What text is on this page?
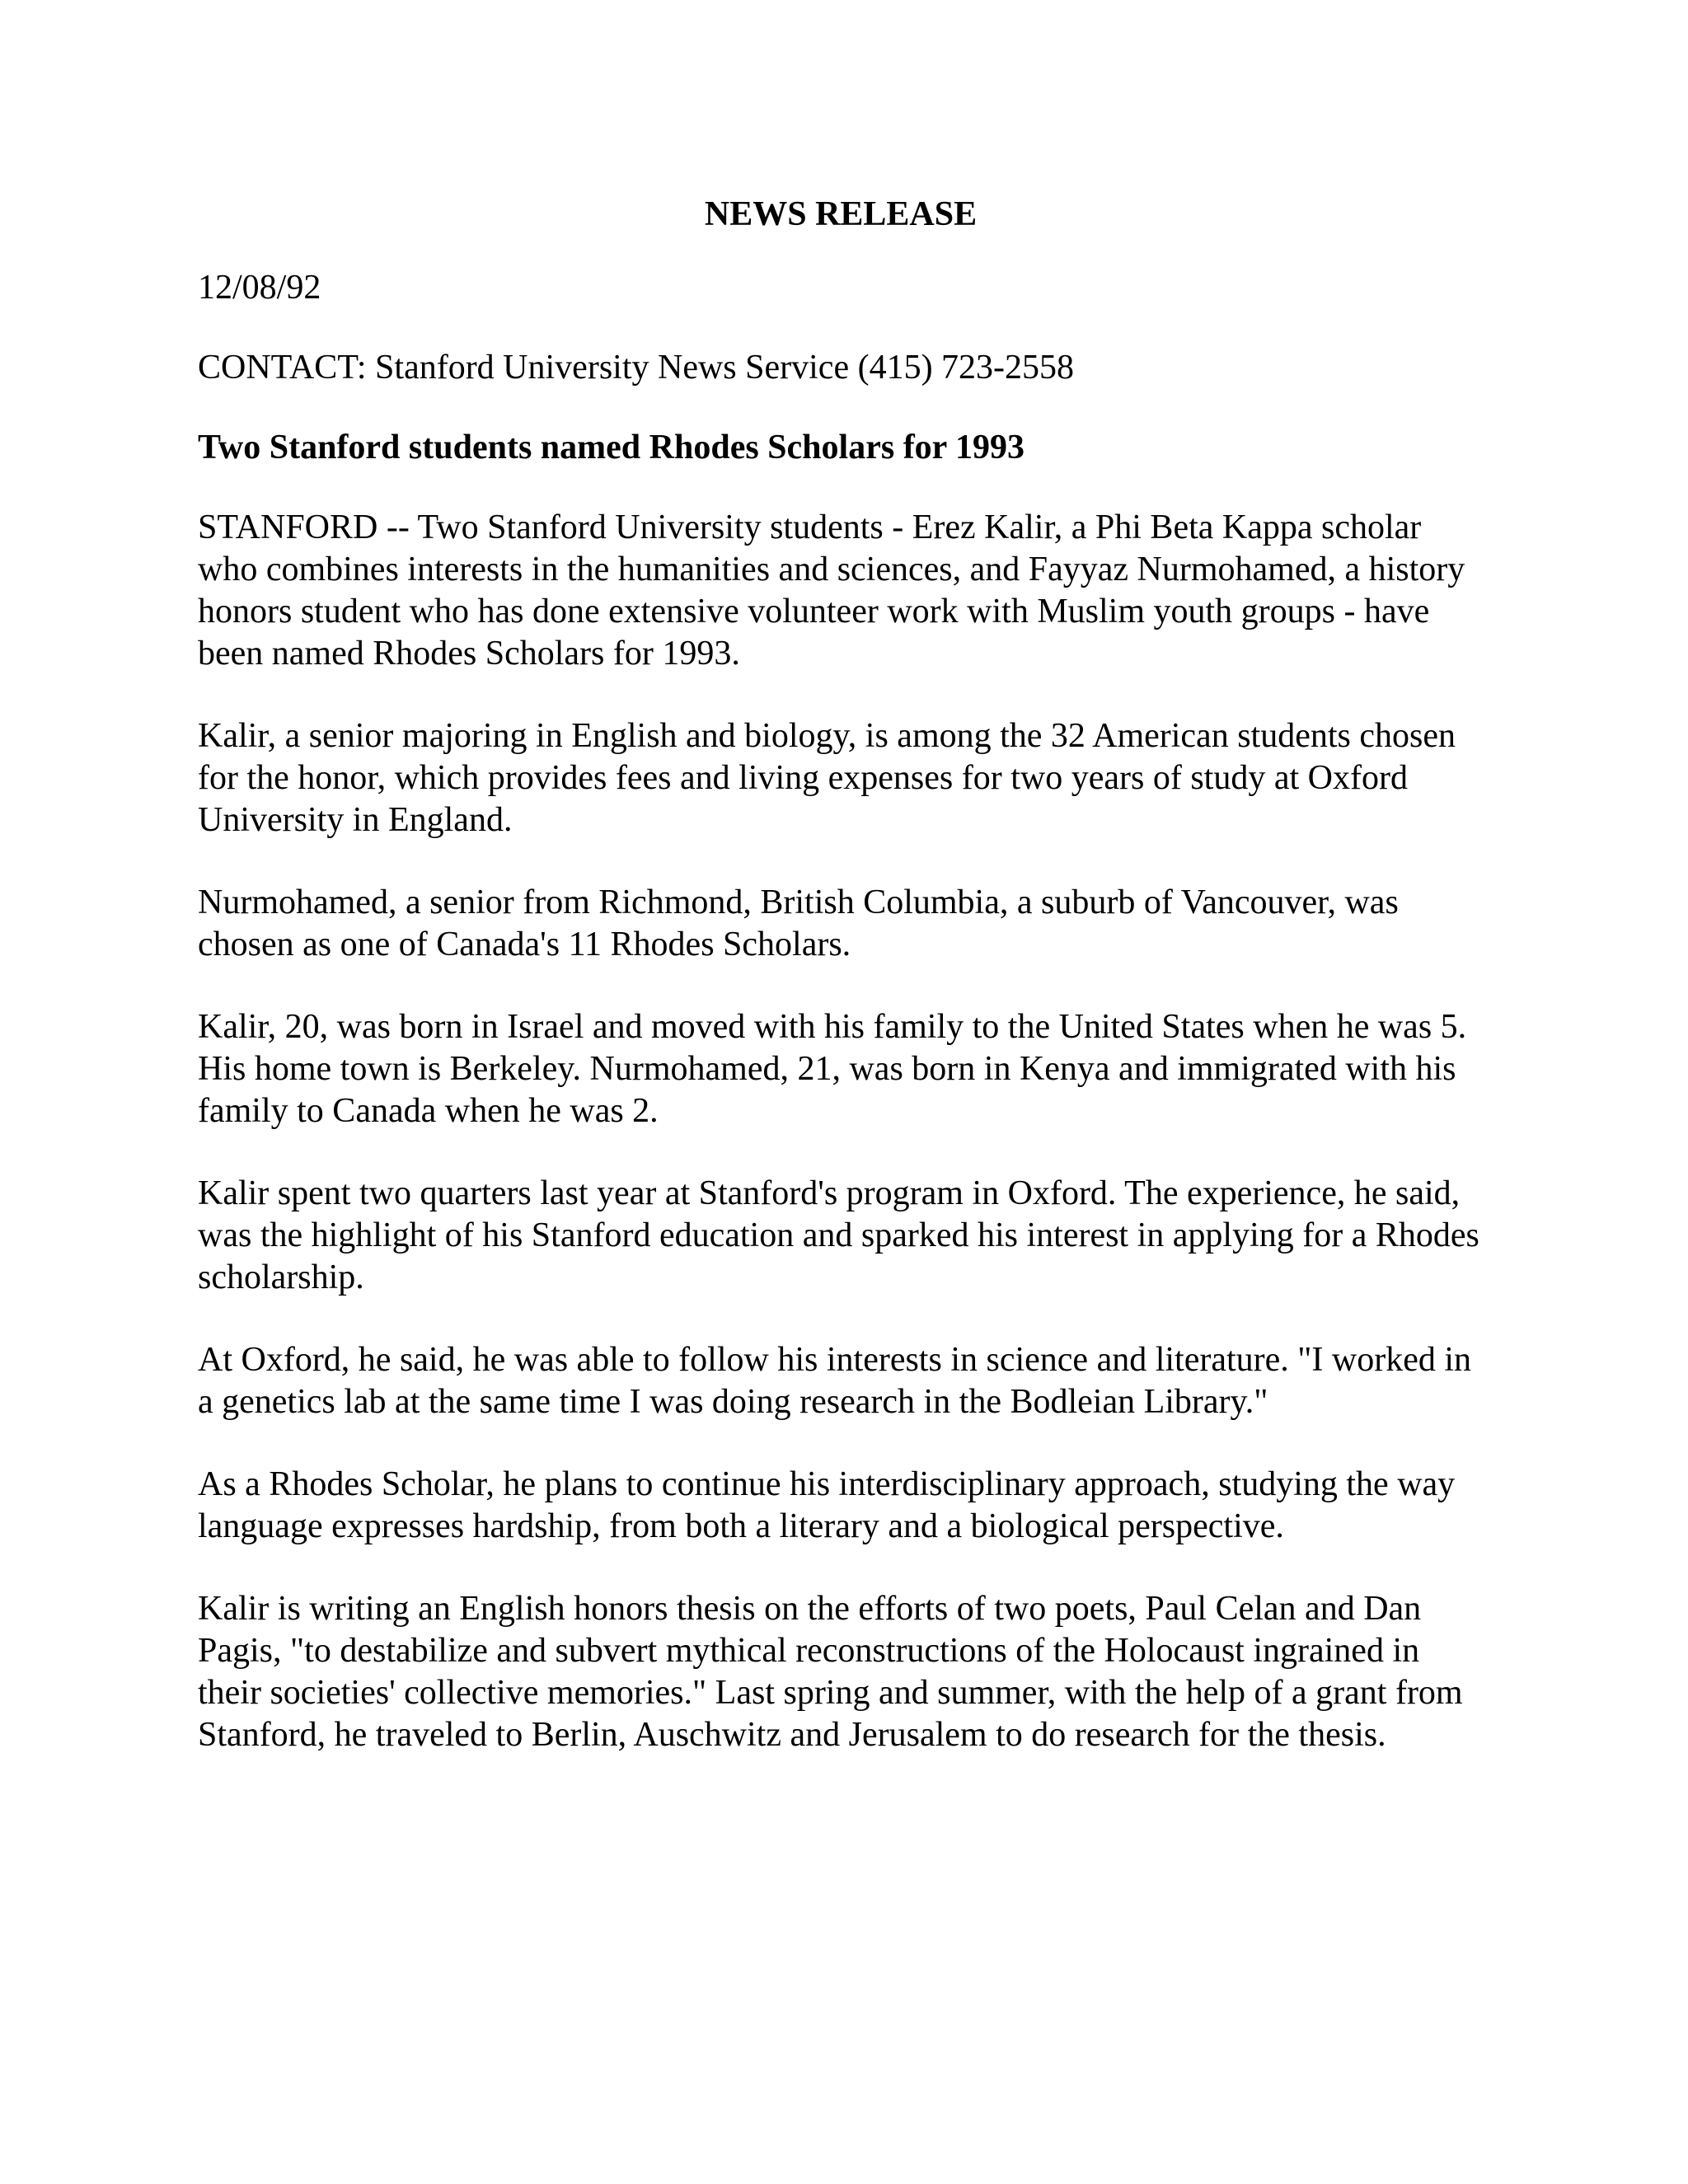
NEWS RELEASE
12/08/92
CONTACT: Stanford University News Service (415) 723-2558
Two Stanford students named Rhodes Scholars for 1993
STANFORD -- Two Stanford University students - Erez Kalir, a Phi Beta Kappa scholar who combines interests in the humanities and sciences, and Fayyaz Nurmohamed, a history honors student who has done extensive volunteer work with Muslim youth groups - have been named Rhodes Scholars for 1993.
Kalir, a senior majoring in English and biology, is among the 32 American students chosen for the honor, which provides fees and living expenses for two years of study at Oxford University in England.
Nurmohamed, a senior from Richmond, British Columbia, a suburb of Vancouver, was chosen as one of Canada's 11 Rhodes Scholars.
Kalir, 20, was born in Israel and moved with his family to the United States when he was 5. His home town is Berkeley. Nurmohamed, 21, was born in Kenya and immigrated with his family to Canada when he was 2.
Kalir spent two quarters last year at Stanford's program in Oxford. The experience, he said, was the highlight of his Stanford education and sparked his interest in applying for a Rhodes scholarship.
At Oxford, he said, he was able to follow his interests in science and literature. "I worked in a genetics lab at the same time I was doing research in the Bodleian Library."
As a Rhodes Scholar, he plans to continue his interdisciplinary approach, studying the way language expresses hardship, from both a literary and a biological perspective.
Kalir is writing an English honors thesis on the efforts of two poets, Paul Celan and Dan Pagis, "to destabilize and subvert mythical reconstructions of the Holocaust ingrained in their societies' collective memories." Last spring and summer, with the help of a grant from Stanford, he traveled to Berlin, Auschwitz and Jerusalem to do research for the thesis.
